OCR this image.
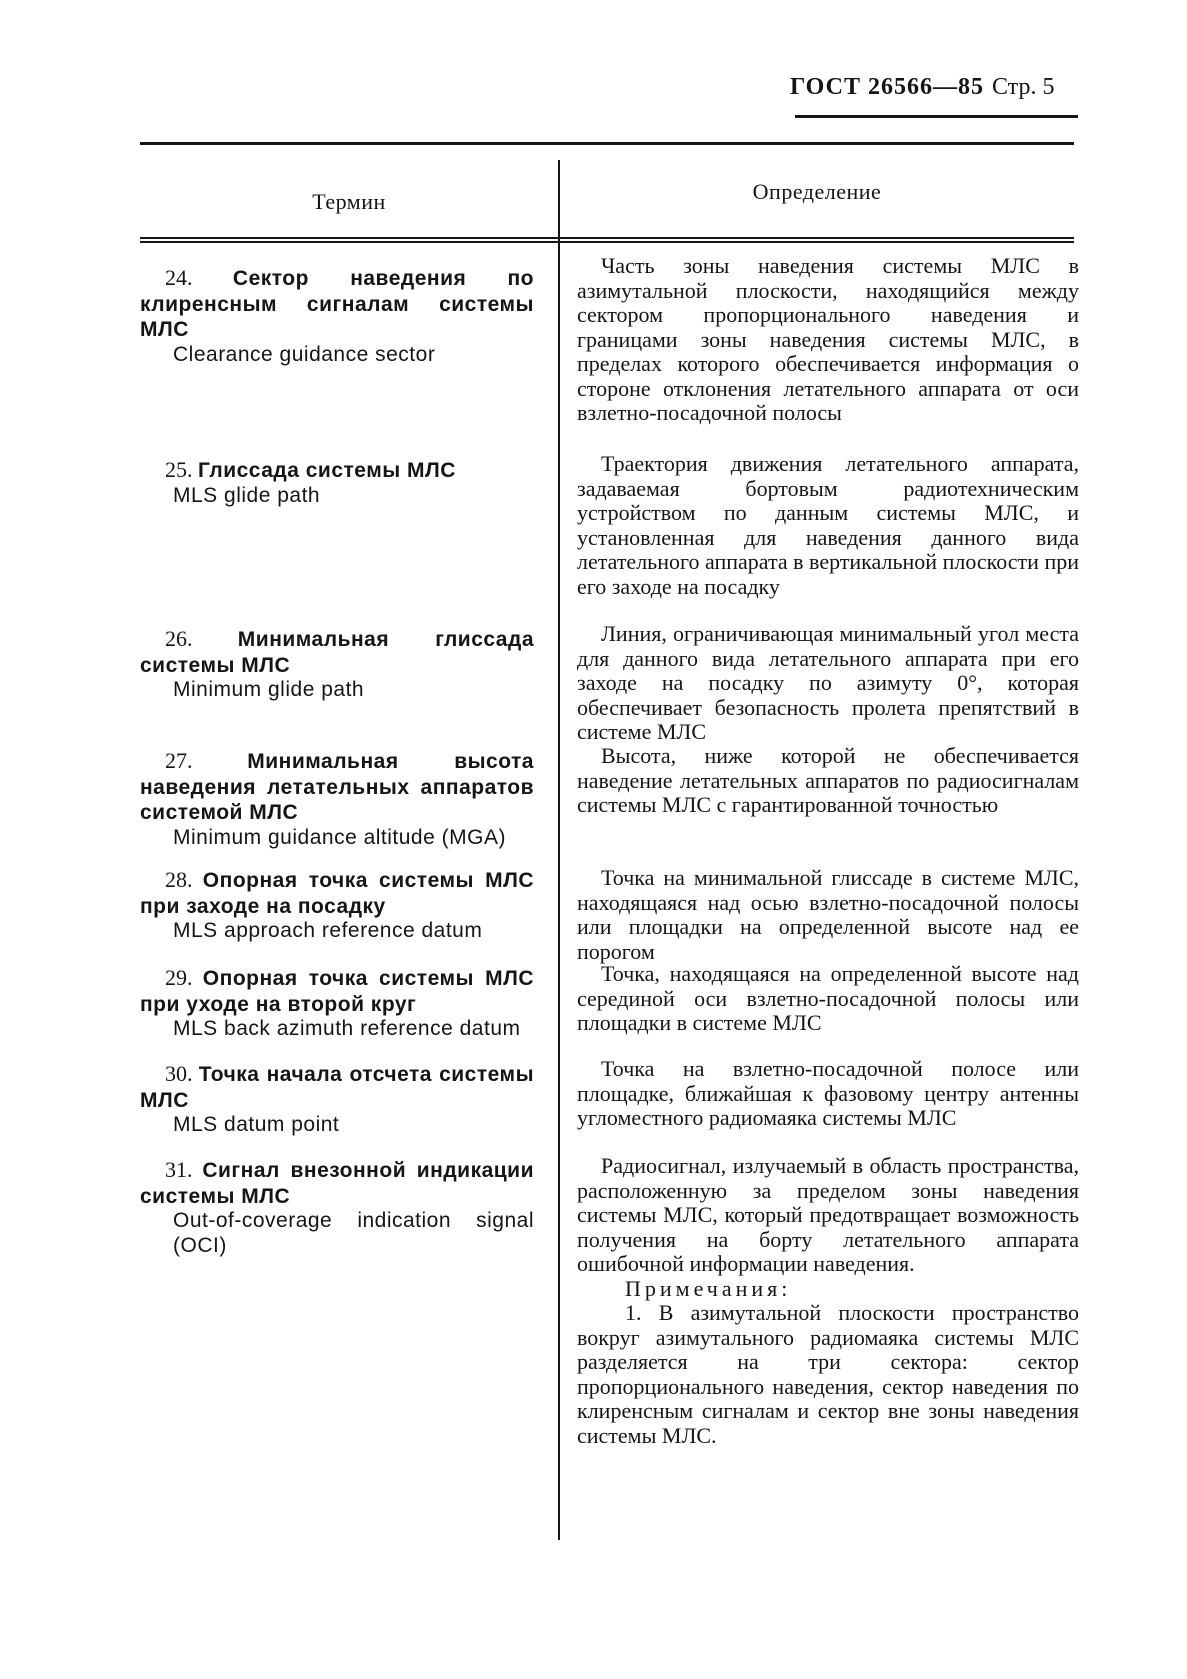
ГОСТ 26566—85 Стр. 5
Термин	Определение
24. Сектор наведения по клиренсным сигналам системы МЛС
Clearance guidance sector
25. Глиссада системы МЛС
MLS glide path
26. Минимальная глиссада системы МЛС
Minimum glide path
27.	Минимальная высота наведения летательных аппаратов системой МЛС
Minimum guidance altitude (MGA)
28. Опорная точка системы МЛС при заходе на посадку
MLS approach reference datum
29. Опорная точка системы МЛС при уходе на второй круг
MLS back azimuth reference datum
30. Точка начала отсчета системы МЛС
MLS datum point
31. Сигнал внезонной индикации системы МЛС
Out-of-coverage indication signal (OCI)

Часть зоны наведения системы МЛС в азимутальной плоскости, находящийся между сектором пропорционального наведения и границами зоны наведения системы МЛС, в пределах которого обеспечивается информация о стороне отклонения летательного аппарата от оси взлетно-посадочной полосы

Траектория движения летательного аппарата, задаваемая бортовым радиотехническим устройством по данным системы МЛС, и установленная для наведения данного вида летательного аппарата в вертикальной плоскости при его заходе на посадку

Линия, ограничивающая минимальный угол места для данного вида летательного аппарата при его заходе на посадку по азимуту 0°, которая обеспечивает безопасность пролета препятствий в системе МЛС

Высота, ниже которой не обеспечивается наведение летательных аппаратов по радиосигналам системы МЛС с гарантированной точностью

Точка на минимальной глиссаде в системе МЛС, находящаяся над осью взлетно-посадочной полосы или площадки на определенной высоте над ее порогом

Точка, находящаяся на определенной высоте над серединой оси взлетно-посадочной полосы или площадки в системе МЛС

Точка на взлетно-посадочной полосе или площадке, ближайшая к фазовому центру антенны угломестного радиомаяка системы МЛС

Радиосигнал, излучаемый в область пространства, расположенную за пределом зоны наведения системы МЛС, который предотвращает возможность получения на борту летательного аппарата ошибочной информации наведения.

Примечания:

1. В азимутальной плоскости пространство вокруг азимутального радиомаяка системы МЛС разделяется на три сектора: сектор пропорционального наведения, сектор наведения по клиренсным сигналам и сектор вне зоны наведения системы МЛС.
